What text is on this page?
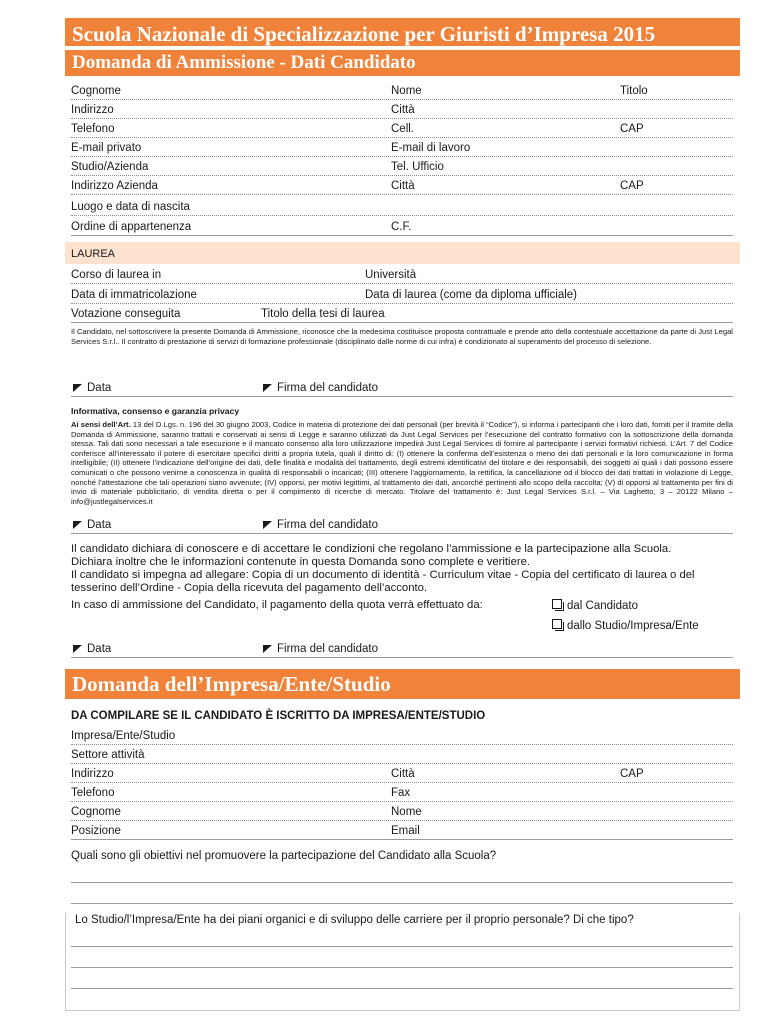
Scuola Nazionale di Specializzazione per Giuristi d’Impresa 2015
Domanda di Ammissione - Dati Candidato
Cognome	Nome	Titolo
Indirizzo	Città
Telefono	Cell.	CAP
E-mail privato	E-mail di lavoro
Studio/Azienda	Tel. Ufficio
Indirizzo Azienda	Città	CAP
Luogo e data di nascita
Ordine di appartenenza	C.F.
LAUREA
Corso di laurea in	Università
Data di immatricolazione	Data di laurea (come da diploma ufficiale)
Votazione conseguita	Titolo della tesi di laurea
Il Candidato, nel sottoscrivere la presente Domanda di Ammissione, riconosce che la medesima costituisce proposta contrattuale e prende atto della contestuale accettazione da parte di Just Legal Services S.r.l.. Il contratto di prestazione di servizi di formazione professionale (disciplinato dalle norme di cui infra) è condizionato al superamento del processo di selezione.
Data	Firma del candidato
Informativa, consenso e garanzia privacy
Ai sensi dell’Art. 13 del D.Lgs. n. 196 del 30 giugno 2003, Codice in materia di protezione dei dati personali (per brevità il “Codice”), si informa i partecipanti che i loro dati, forniti per il tramite della Domanda di Ammissione, saranno trattati e conservati ai sensi di Legge e saranno utilizzati da Just Legal Services per l’esecuzione del contratto formativo con la sottoscrizione della domanda stessa. Tali dati sono necessari a tale esecuzione e il mancato consenso alla loro utilizzazione impedirà Just Legal Services di fornire al partecipante i servizi formativi richiesti. L’Art. 7 del Codice conferisce all’interessato il potere di esercitare specifici diritti a propria tutela, quali il diritto di: (I) ottenere la conferma dell’esistenza o meno dei dati personali e la loro comunicazione in forma intelligibile; (II) ottenere l’indicazione dell’origine dei dati, delle finalità e modalità del trattamento, degli estremi identificativi del titolare e dei responsabili, dei soggetti ai quali i dati possono essere comunicati o che possono venirne a conoscenza in qualità di responsabili o incaricati; (III) ottenere l’aggiornamento, la rettifica, la cancellazione od il blocco dei dati trattati in violazione di Legge, nonché l’attestazione che tali operazioni siano avvenute; (IV) opporsi, per motivi legittimi, al trattamento dei dati, ancorché pertinenti allo scopo della raccolta; (V) di opporsi al trattamento per fini di invio di materiale pubblicitario, di vendita diretta o per il compimento di ricerche di mercato. Titolare del trattamento è: Just Legal Services S.r.l. – Via Laghetto, 3 – 20122 Milano – info@justlegalservices.it
Data	Firma del candidato
Il candidato dichiara di conoscere e di accettare le condizioni che regolano l’ammissione e la partecipazione alla Scuola.
Dichiara inoltre che le informazioni contenute in questa Domanda sono complete e veritiere.
Il candidato si impegna ad allegare: Copia di un documento di identità - Curriculum vitae - Copia del certificato di laurea o del tesserino dell’Ordine - Copia della ricevuta del pagamento dell’acconto.
In caso di ammissione del Candidato, il pagamento della quota verrà effettuato da:	dal Candidato
dallo Studio/Impresa/Ente
Data	Firma del candidato
Domanda dell’Impresa/Ente/Studio
DA COMPILARE SE IL CANDIDATO È ISCRITTO DA IMPRESA/ENTE/STUDIO
Impresa/Ente/Studio
Settore attività
Indirizzo	Città	CAP
Telefono	Fax
Cognome	Nome
Posizione	Email
Quali sono gli obiettivi nel promuovere la partecipazione del Candidato alla Scuola?
Lo Studio/l’Impresa/Ente ha dei piani organici e di sviluppo delle carriere per il proprio personale? Di che tipo?
